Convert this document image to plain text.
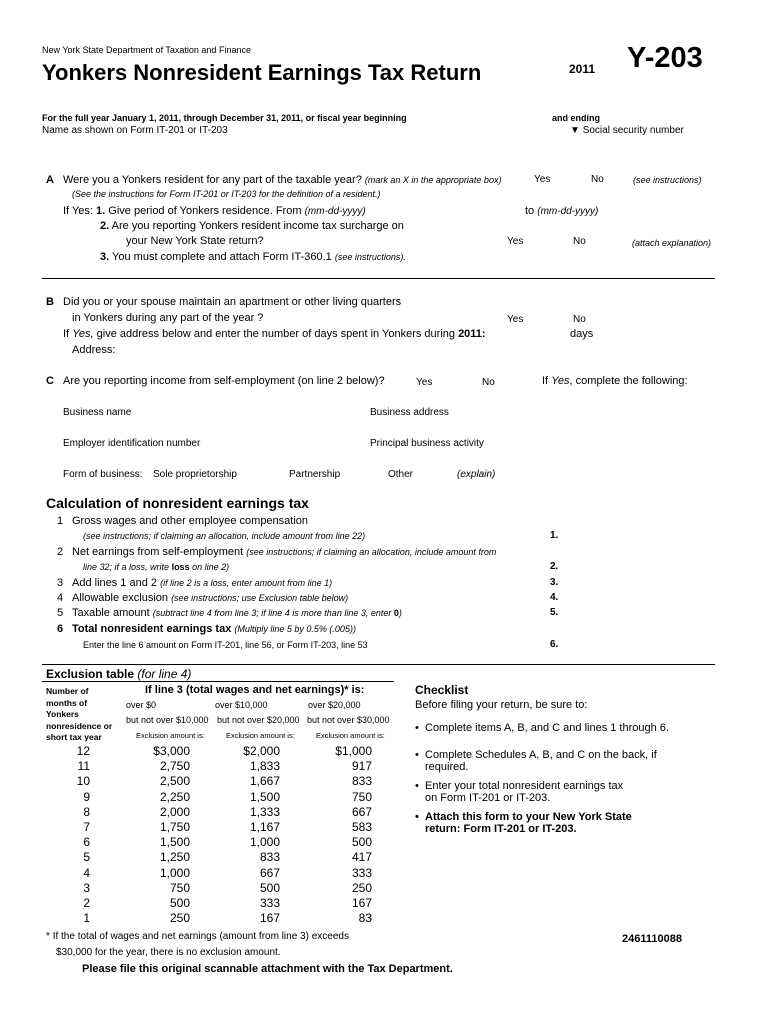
New York State Department of Taxation and Finance
Yonkers Nonresident Earnings Tax Return	2011 Y-203
For the full year January 1, 2011, through December 31, 2011, or fiscal year beginning	and ending
Name as shown on Form IT-201 or IT-203	▼ Social security number
A Were you a Yonkers resident for any part of the taxable year? (mark an X in the appropriate box)	Yes	No	(see instructions)
(See the instructions for Form IT-201 or IT-203 for the definition of a resident.)
If Yes: 1. Give period of Yonkers residence. From (mm-dd-yyyy)	to (mm-dd-yyyy)
2. Are you reporting Yonkers resident income tax surcharge on
your New York State return?	Yes	No	(attach explanation)
3. You must complete and attach Form IT-360.1 (see instructions).
B Did you or your spouse maintain an apartment or other living quarters
in Yonkers during any part of the year ?	Yes	No
If Yes, give address below and enter the number of days spent in Yonkers during 2011:	days
Address:
C Are you reporting income from self-employment (on line 2 below)?	Yes	No	If Yes, complete the following:
Business name	Business address
Employer identification number	Principal business activity
Form of business: Sole proprietorship	Partnership	Other	(explain)
Calculation of nonresident earnings tax
1 Gross wages and other employee compensation
(see instructions; if claiming an allocation, include amount from line 22)	1.
2 Net earnings from self-employment (see instructions; if claiming an allocation, include amount from
line 32; if a loss, write loss on line 2)	2.
3 Add lines 1 and 2 (if line 2 is a loss, enter amount from line 1)	3.
4 Allowable exclusion (see instructions; use Exclusion table below)	4.
5 Taxable amount (subtract line 4 from line 3; if line 4 is more than line 3, enter 0)	5.
6 Total nonresident earnings tax (Multiply line 5 by 0.5% (.005))
Enter the line 6 amount on Form IT-201, line 56, or Form IT-203, line 53	6.
Exclusion table (for line 4)
Number of
months of
Yonkers
nonresidence or
short tax year
If line 3 (total wages and net earnings)* is:
over $0	over $10,000	over $20,000
but not over $10,000 but not over $20,000 but not over $30,000
Exclusion amount is:	Exclusion amount is:	Exclusion amount is:
12	$3,000	$2,000	$1,000
11	2,750	1,833	917
10	2,500	1,667	833
9	2,250	1,500	750
8	2,000	1,333	667
7	1,750	1,167	583
6	1,500	1,000	500
5	1,250	833	417
4	1,000	667	333
3	750	500	250
2	500	333	167
1	250	167	83
* If the total of wages and net earnings (amount from line 3) exceeds
$30,000 for the year, there is no exclusion amount.
Checklist
Before filing your return, be sure to:
• Complete items A, B, and C and lines 1 through 6.
• Complete Schedules A, B, and C on the back, if
required.
• Enter your total nonresident earnings tax
on Form IT-201 or IT-203.
• Attach this form to your New York State
return: Form IT-201 or IT-203.
2461110088
Please file this original scannable attachment with the Tax Department.
